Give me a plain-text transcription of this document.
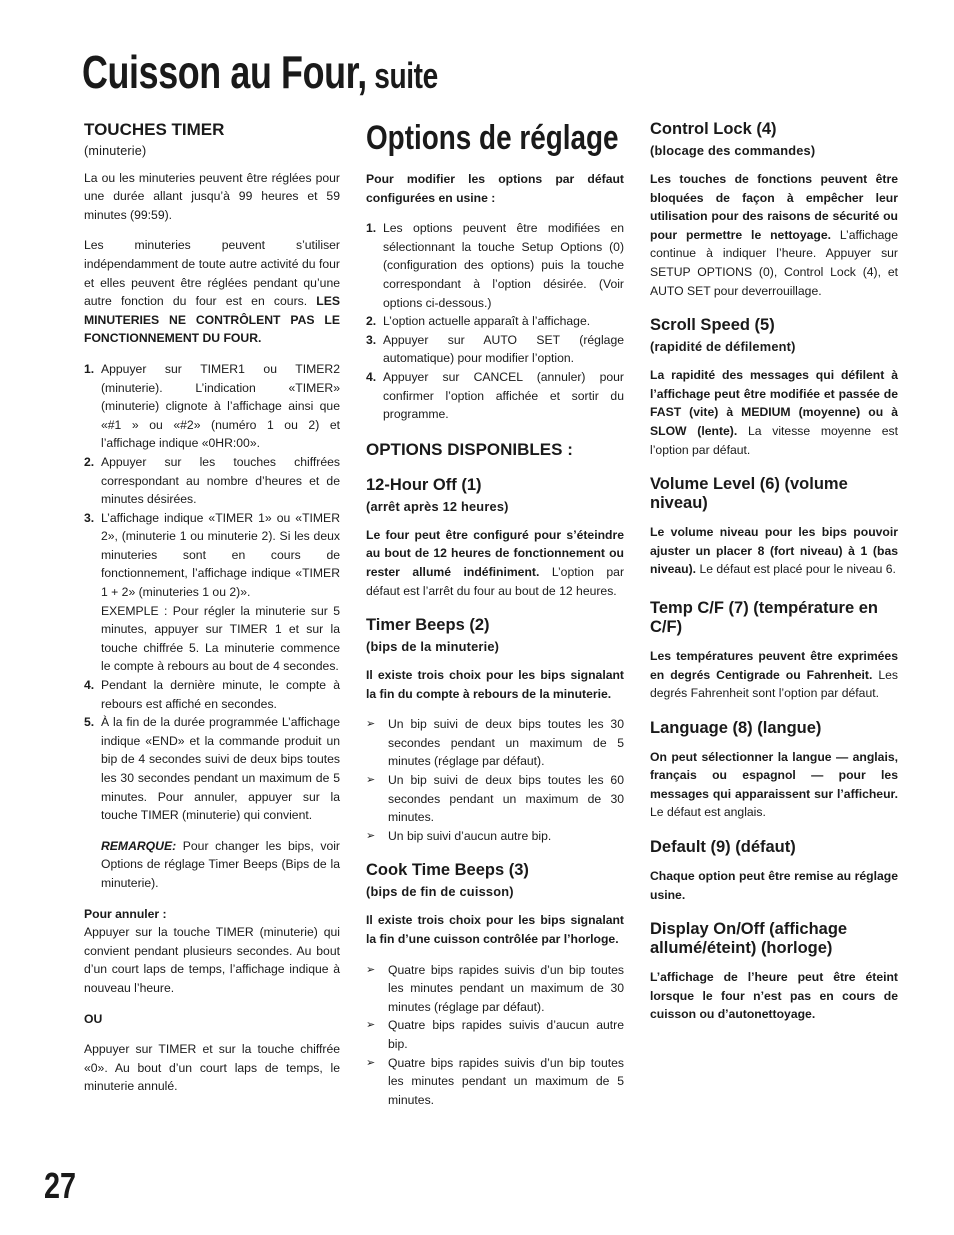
Cuisson au Four, suite
TOUCHES TIMER
(minuterie)

La ou les minuteries peuvent être réglées pour une durée allant jusqu’à 99 heures et 59 minutes (99:59).

Les minuteries peuvent s’utiliser indépendamment de toute autre activité du four et elles peuvent être réglées pendant qu’une autre fonction du four est en cours. LES MINUTERIES NE CONTRÔLENT PAS LE FONCTIONNEMENT DU FOUR.

1. Appuyer sur TIMER1 ou TIMER2 (minuterie). L’indication «TIMER» (minuterie) clignote à l’affichage ainsi que «#1 » ou «#2» (numéro 1 ou 2) et l’affichage indique «0HR:00».
2. Appuyer sur les touches chiffrées correspondant au nombre d’heures et de minutes désirées.
3. L’affichage indique «TIMER 1» ou «TIMER 2», (minuterie 1 ou minuterie 2). Si les deux minuteries sont en cours de fonctionnement, l’affichage indique «TIMER 1 + 2» (minuteries 1 ou 2)».

EXEMPLE : Pour régler la minuterie sur 5 minutes, appuyer sur TIMER 1 et sur la touche chiffrée 5. La minuterie commence le compte à rebours au bout de 4 secondes.

4. Pendant la dernière minute, le compte à rebours est affiché en secondes.
5. À la fin de la durée programmée L’affichage indique «END» et la commande produit un bip de 4 secondes suivi de deux bips toutes les 30 secondes pendant un maximum de 5 minutes. Pour annuler, appuyer sur la touche TIMER (minuterie) qui convient.

REMARQUE: Pour changer les bips, voir Options de réglage Timer Beeps (Bips de la minuterie).

Pour annuler :

Appuyer sur la touche TIMER (minuterie) qui convient pendant plusieurs secondes. Au bout d’un court laps de temps, l’affichage indique à nouveau l’heure.

OU

Appuyer sur TIMER et sur la touche chiffrée «0». Au bout d’un court laps de temps, le minuterie annulé.

Options de réglage

Pour modifier les options par défaut configurées en usine :

1. Les options peuvent être modifiées en sélectionnant la touche Setup Options (0) (configuration des options) puis la touche correspondant à l’option désirée. (Voir options ci-dessous.)
2. L’option actuelle apparaît à l’affichage.
3. Appuyer sur AUTO SET (réglage automatique) pour modifier l’option.
4. Appuyer sur CANCEL (annuler) pour confirmer l’option affichée et sortir du programme.
OPTIONS DISPONIBLES :
12-Hour Off (1)
(arrêt après 12 heures)

Le four peut être configuré pour s’éteindre au bout de 12 heures de fonctionnement ou rester allumé indéfiniment. L’option par défaut est l’arrêt du four au bout de 12 heures.

Timer Beeps (2)
(bips de la minuterie)

Il existe trois choix pour les bips signalant la fin du compte à rebours de la minuterie.

➢ Un bip suivi de deux bips toutes les 30 secondes pendant un maximum de 5 minutes (réglage par défaut).
➢ Un bip suivi de deux bips toutes les 60 secondes pendant un maximum de 30 minutes.
➢ Un bip suivi d’aucun autre bip.
Cook Time Beeps (3)
(bips de fin de cuisson)

Il existe trois choix pour les bips signalant la fin d’une cuisson contrôlée par l’horloge.

➢ Quatre bips rapides suivis d’un bip toutes les minutes pendant un maximum de 30 minutes (réglage par défaut).
➢ Quatre bips rapides suivis d’aucun autre bip.
➢ Quatre bips rapides suivis d’un bip toutes les minutes pendant un maximum de 5 minutes.
Control Lock (4)
(blocage des commandes)

Les touches de fonctions peuvent être bloquées de façon à empêcher leur utilisation pour des raisons de sécurité ou pour permettre le nettoyage. L’affichage continue à indiquer l’heure. Appuyer sur SETUP OPTIONS (0), Control Lock (4), et AUTO SET pour deverrouillage.

Scroll Speed (5)
(rapidité de défilement)

La rapidité des messages qui défilent à l’affichage peut être modifiée et passée de FAST (vite) à MEDIUM (moyenne) ou à SLOW (lente). La vitesse moyenne est l’option par défaut.

Volume Level (6) (volume niveau)

Le volume niveau pour les bips pouvoir ajuster un placer 8 (fort niveau) à 1 (bas niveau). Le défaut est placé pour le niveau 6.

Temp C/F (7) (température en C/F)

Les températures peuvent être exprimées en degrés Centigrade ou Fahrenheit. Les degrés Fahrenheit sont l’option par défaut.

Language (8) (langue)

On peut sélectionner la langue — anglais, français ou espagnol — pour les messages qui apparaissent sur l’afficheur. Le défaut est anglais.

Default (9) (défaut)

Chaque option peut être remise au réglage usine.

Display On/Off (affichage allumé/éteint) (horloge)

L’affichage de l’heure peut être éteint lorsque le four n’est pas en cours de cuisson ou d’autonettoyage.

27
